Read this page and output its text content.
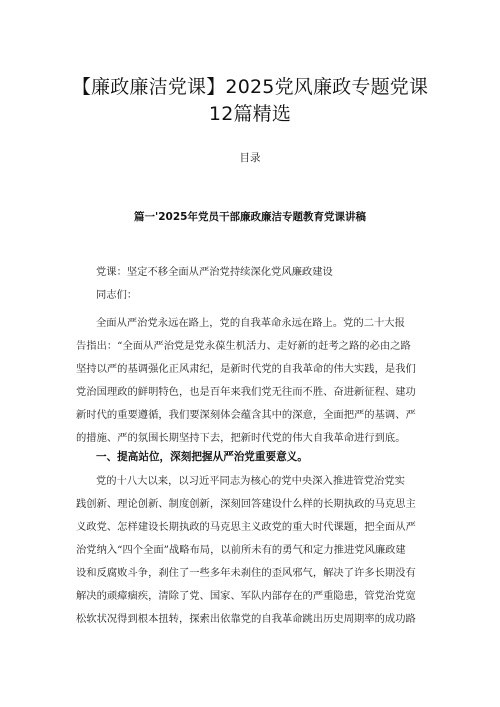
【廉政廉洁党课】2025党风廉政专题党课
12篇精选
目录
篇一'2025年党员干部廉政廉洁专题教育党课讲稿
党课：坚定不移全面从严治党持续深化党风廉政建设
同志们：
全面从严治党永远在路上，党的自我革命永远在路上。党的二十大报
告指出：“全面从严治党是党永葆生机活力、走好新的赶考之路的必由之路
坚持以严的基调强化正风肃纪，是新时代党的自我革命的伟大实践，是我们
党治国理政的鲜明特色，也是百年来我们党无往而不胜、奋进新征程、建功
新时代的重要遵循，我们要深刻体会蕴含其中的深意，全面把严的基调、严
的措施、严的氛围长期坚持下去，把新时代党的伟大自我革命进行到底。
一、提高站位，深刻把握从严治党重要意义。
党的十八大以来，以习近平同志为核心的党中央深入推进管党治党实
践创新、理论创新、制度创新，深刻回答建设什么样的长期执政的马克思主
义政党、怎样建设长期执政的马克思主义政党的重大时代课题，把全面从严
治党纳入“四个全面”战略布局，以前所未有的勇气和定力推进党风廉政建
设和反腐败斗争，刹住了一些多年未刹住的歪风邪气，解决了许多长期没有
解决的顽瘴痼疾，清除了党、国家、军队内部存在的严重隐患，管党治党宽
松软状况得到根本扭转，探索出依靠党的自我革命跳出历史周期率的成功路
